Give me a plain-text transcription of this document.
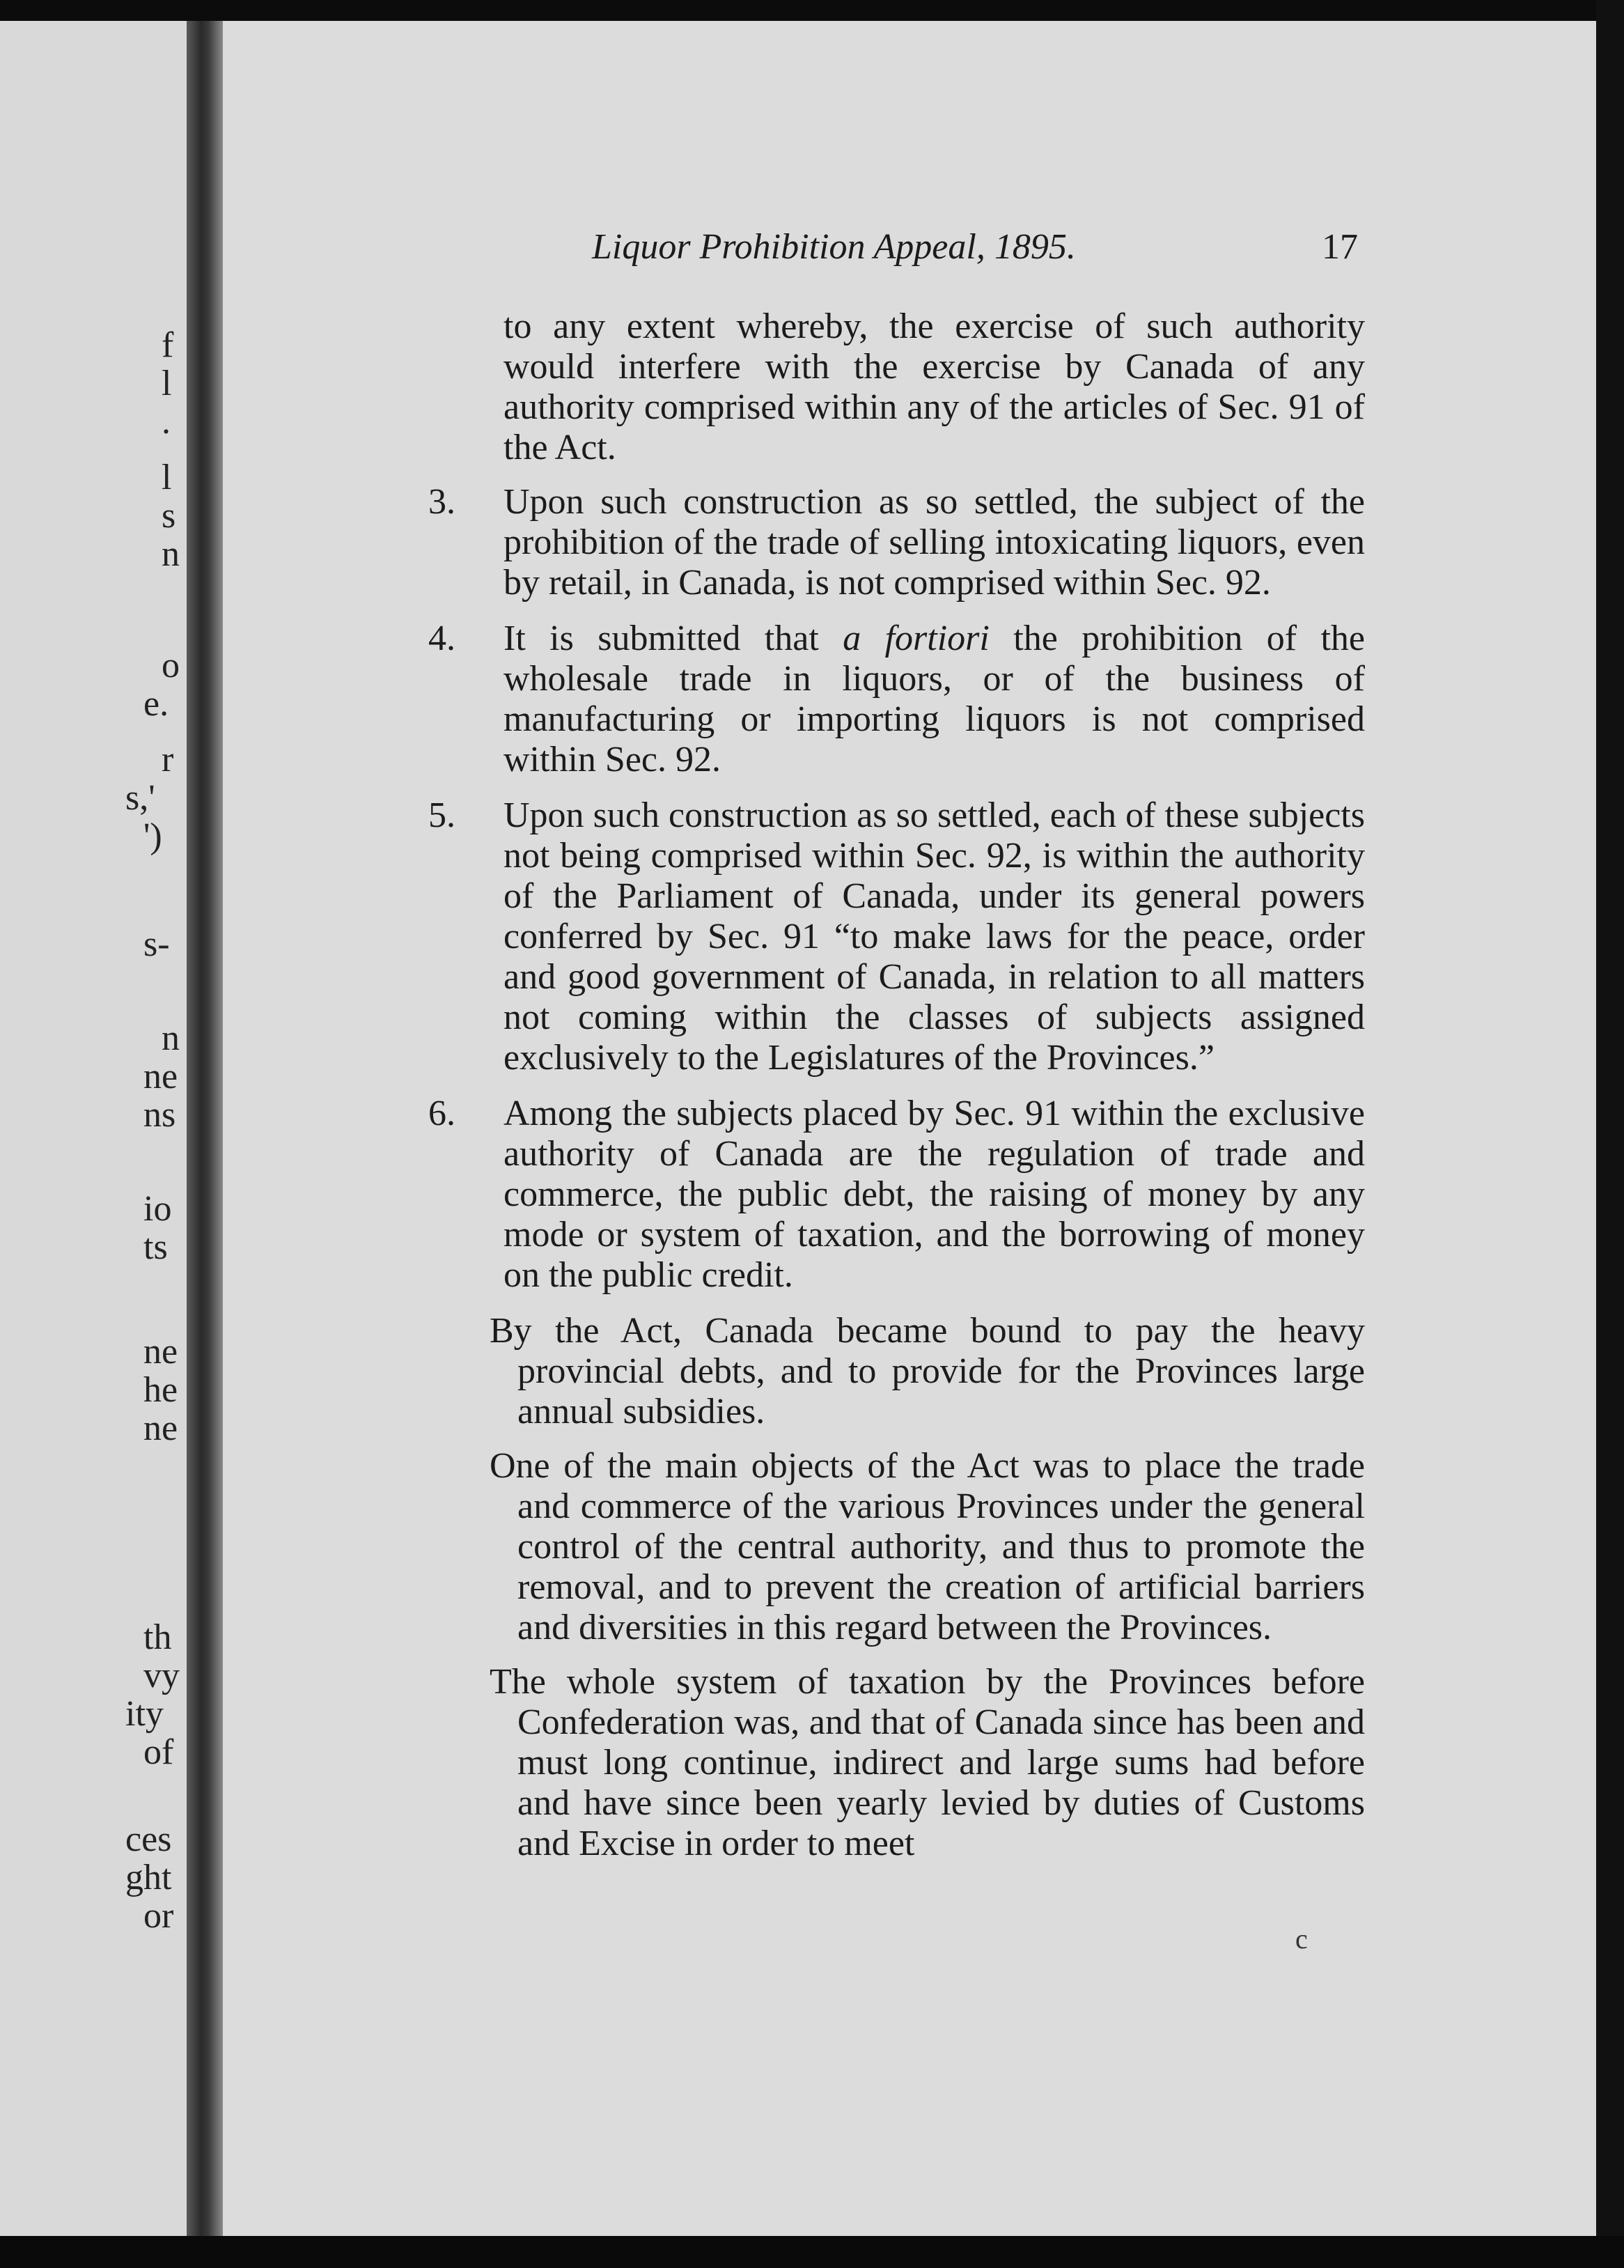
f
l
.
l
s
n
o
e.
r
s,'
')
s-
n
ne
ns
io
ts
ne
he
ne
th
vy
ity
of
ces
ght
or
Liquor Prohibition Appeal, 1895.	17

to any extent whereby, the exercise of such authority would interfere with the exercise by Canada of any authority comprised within any of the articles of Sec. 91 of the Act.

3. Upon such construction as so settled, the subject of the prohibition of the trade of selling intoxicating liquors, even by retail, in Canada, is not comprised within Sec. 92.

4. It is submitted that a fortiori the prohibition of the wholesale trade in liquors, or of the business of manufacturing or importing liquors is not comprised within Sec. 92.

5. Upon such construction as so settled, each of these subjects not being comprised within Sec. 92, is within the authority of the Parliament of Canada, under its general powers conferred by Sec. 91 “to make laws for the peace, order and good government of Canada, in relation to all matters not coming within the classes of subjects assigned exclusively to the Legislatures of the Provinces.”

6. Among the subjects placed by Sec. 91 within the exclusive authority of Canada are the regulation of trade and commerce, the public debt, the raising of money by any mode or system of taxation, and the borrowing of money on the public credit.

By the Act, Canada became bound to pay the heavy provincial debts, and to provide for the Provinces large annual subsidies.

One of the main objects of the Act was to place the trade and commerce of the various Provinces under the general control of the central authority, and thus to promote the removal, and to prevent the creation of artificial barriers and diversities in this regard between the Provinces.

The whole system of taxation by the Provinces before Confederation was, and that of Canada since has been and must long continue, indirect and large sums had before and have since been yearly levied by duties of Customs and Excise in order to meet

c
